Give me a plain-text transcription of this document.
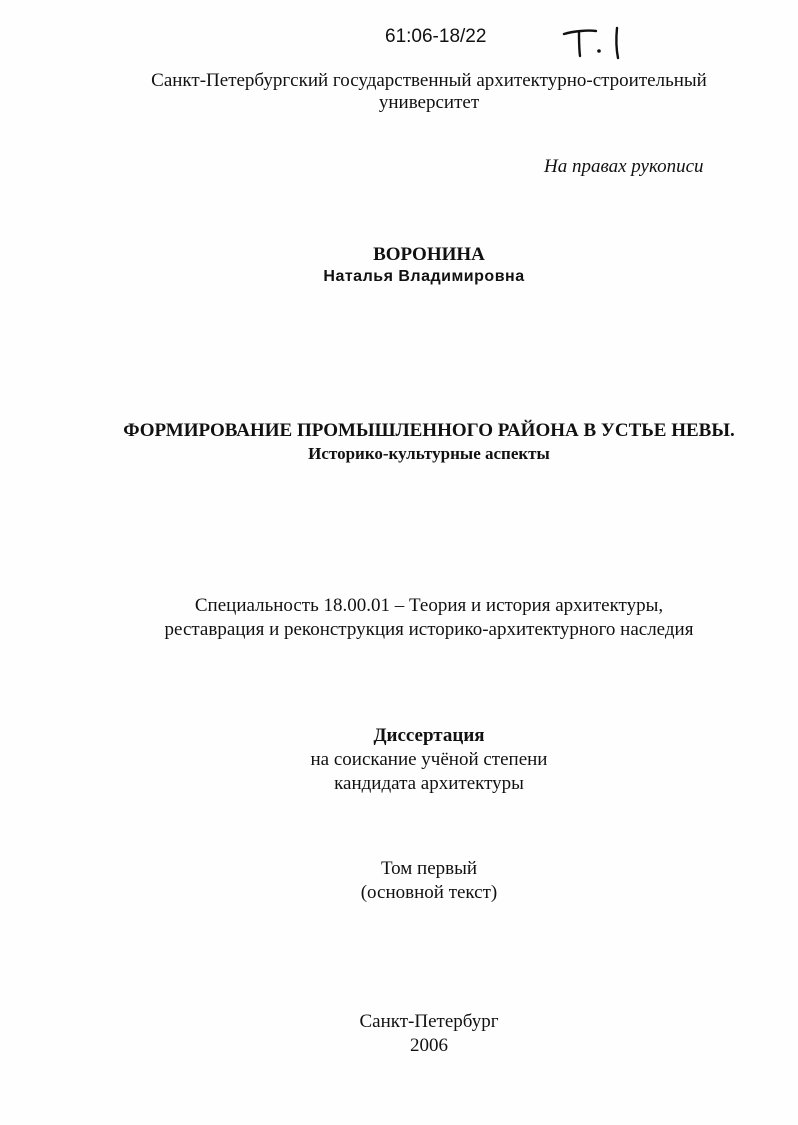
61:06-18/22
Санкт-Петербургский государственный архитектурно-строительный
университет
На правах рукописи
ВОРОНИНА
Наталья Владимировна
ФОРМИРОВАНИЕ ПРОМЫШЛЕННОГО РАЙОНА В УСТЬЕ НЕВЫ.
Историко-культурные аспекты
Специальность 18.00.01 – Теория и история архитектуры,
реставрация и реконструкция историко-архитектурного наследия
Диссертация
на соискание учёной степени
кандидата архитектуры
Том первый
(основной текст)
Санкт-Петербург
2006
